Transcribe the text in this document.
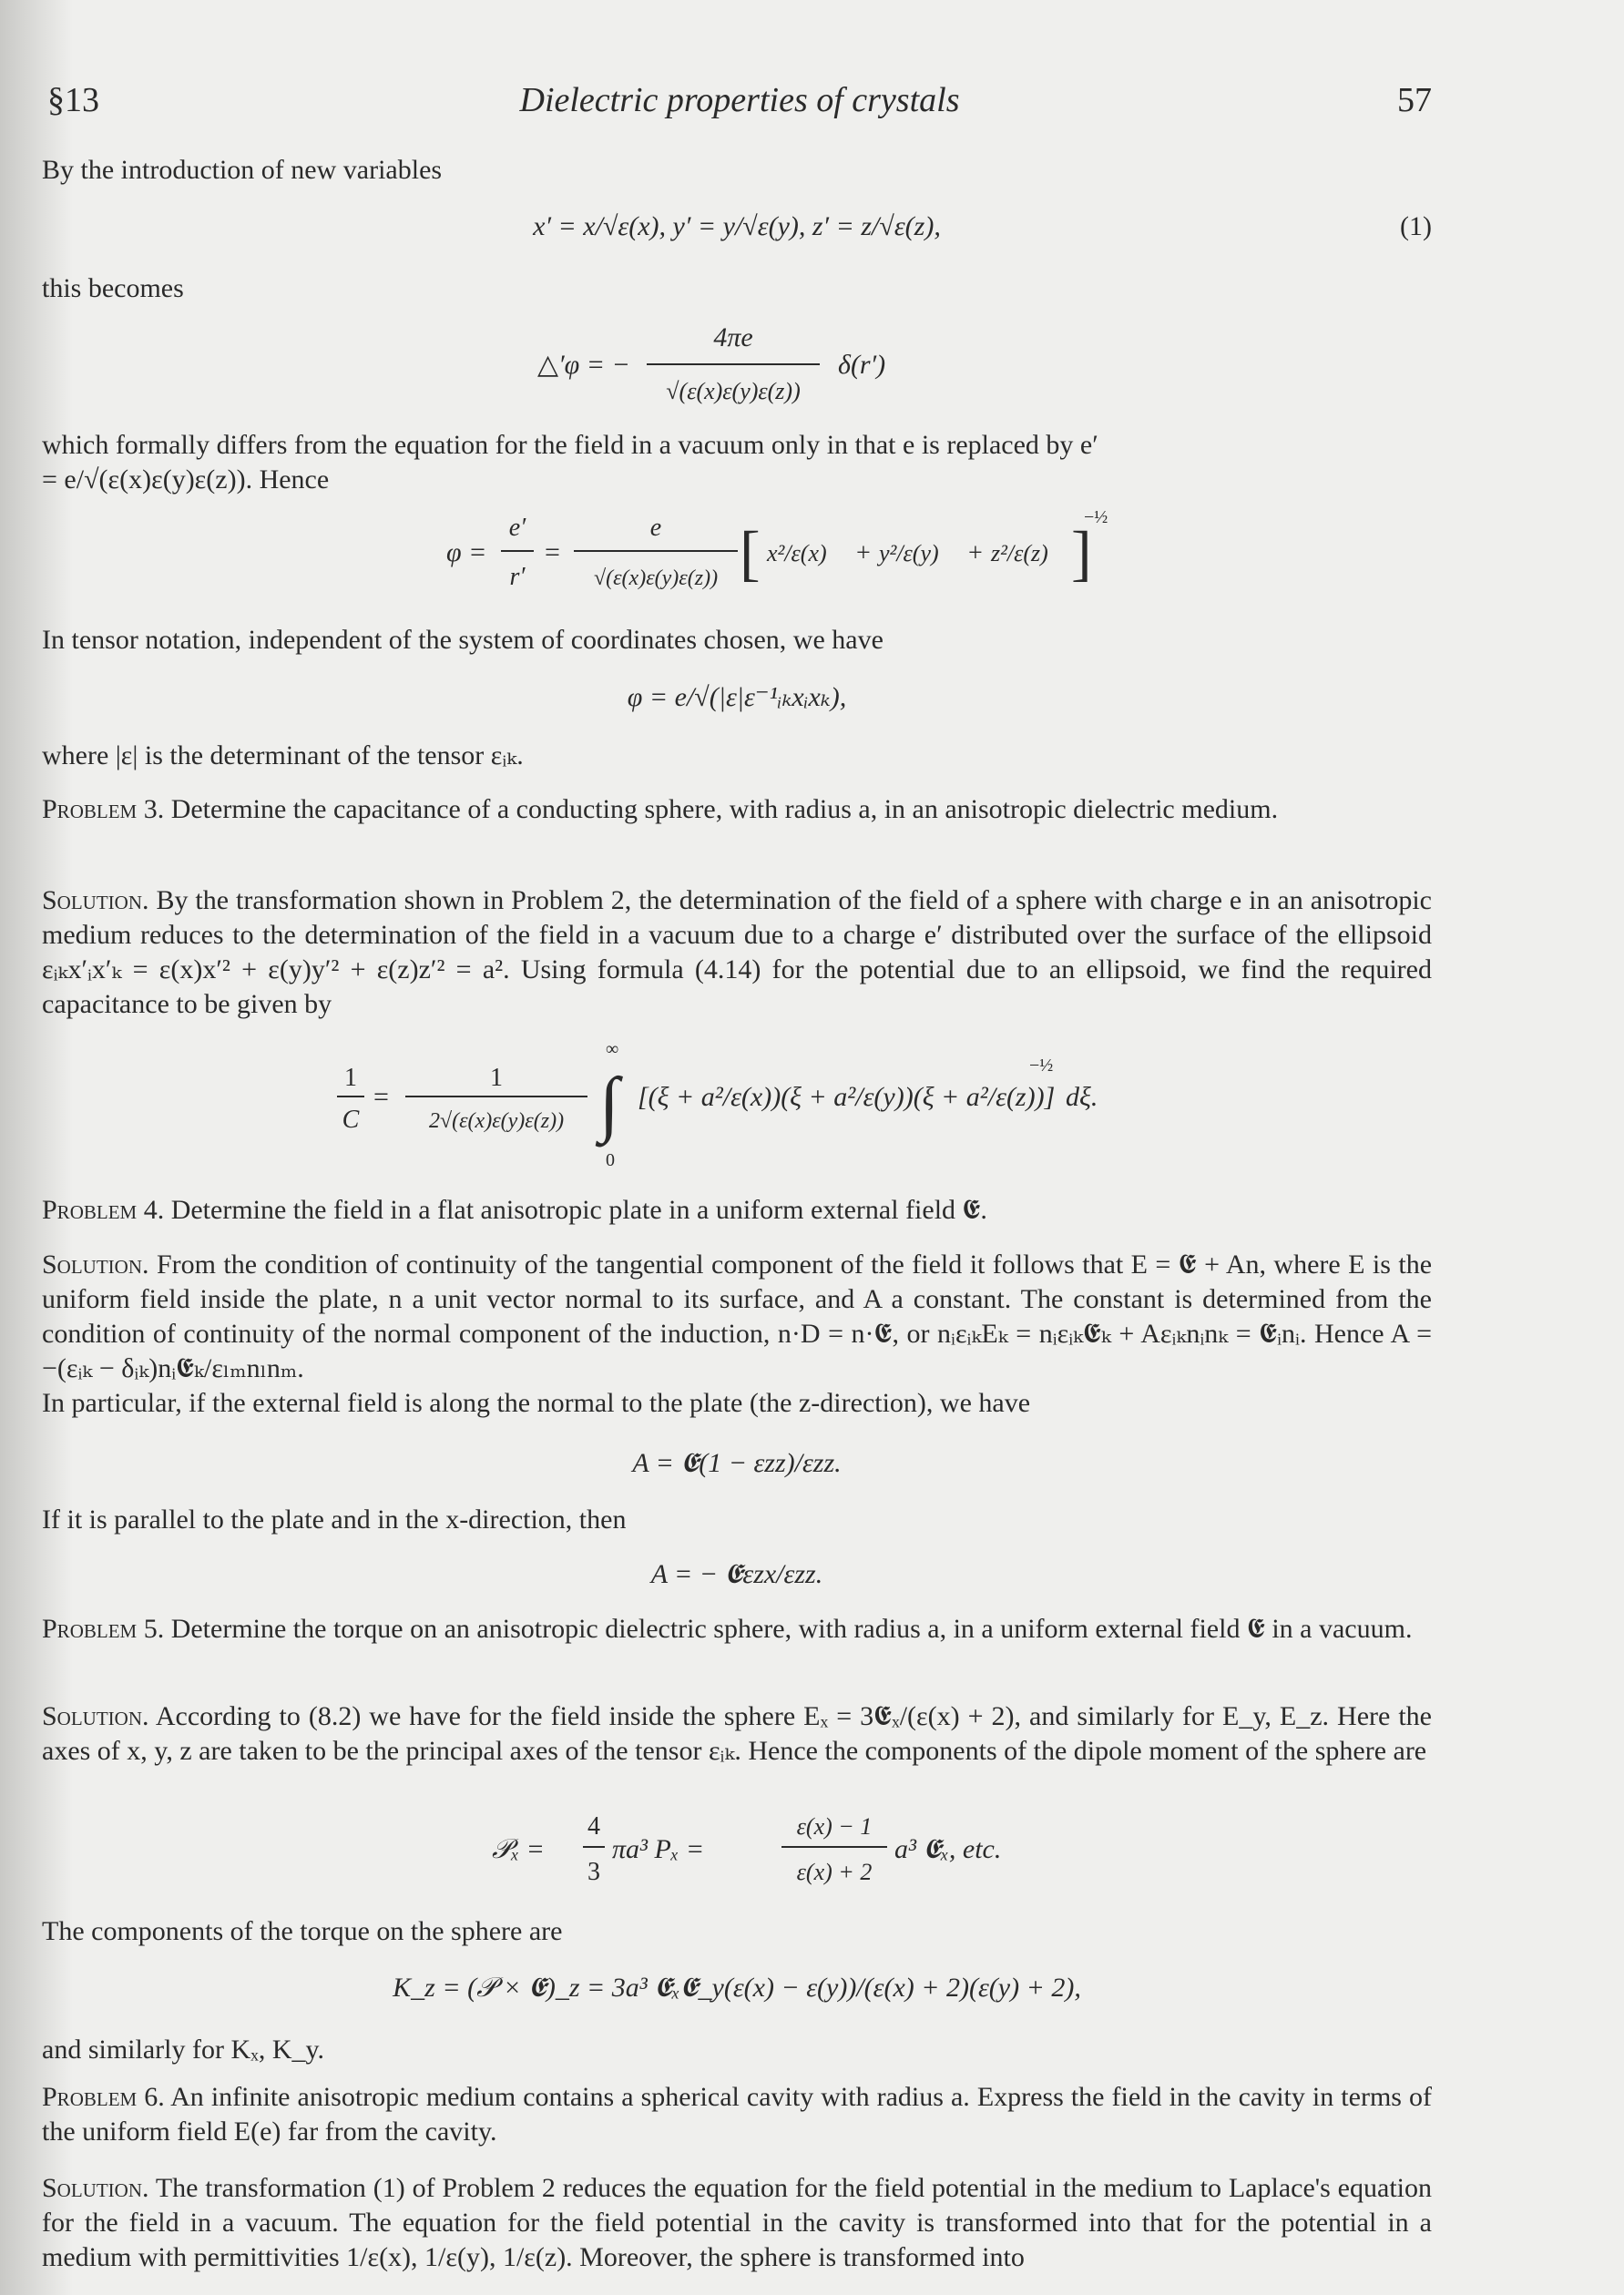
§13	Dielectric properties of crystals	57
By the introduction of new variables
x′ = x/√ε(x), y′ = y/√ε(y), z′ = z/√ε(z),	(1)
this becomes
△′φ = −
4πe
√(ε(x)ε(y)ε(z))
δ(r′)
which formally differs from the equation for the field in a vacuum only in that e is replaced by e′
= e/√(ε(x)ε(y)ε(z)). Hence
φ =
e′
r′
=
e
√(ε(x)ε(y)ε(z)) [ x²/ε(x) + y²/ε(y) + z²/ε(z) ]
−½
In tensor notation, independent of the system of coordinates chosen, we have
φ = e/√(|ε|ε⁻¹ᵢₖxᵢxₖ),
where |ε| is the determinant of the tensor εᵢₖ.
Problem 3. Determine the capacitance of a conducting sphere, with radius a, in an anisotropic dielectric medium.
Solution. By the transformation shown in Problem 2, the determination of the field of a sphere with charge e in an anisotropic medium reduces to the determination of the field in a vacuum due to a charge e′ distributed over the surface of the ellipsoid εᵢₖx′ᵢx′ₖ = ε(x)x′² + ε(y)y′² + ε(z)z′² = a². Using formula (4.14) for the potential due to an ellipsoid, we find the required capacitance to be given by
1
C
=
1
2√(ε(x)ε(y)ε(z))
∞
∫
0
[(ξ + a²/ε(x))(ξ + a²/ε(y))(ξ + a²/ε(z))]
−½
dξ.
Problem 4. Determine the field in a flat anisotropic plate in a uniform external field 𝕰.
Solution. From the condition of continuity of the tangential component of the field it follows that E = 𝕰 + An, where E is the uniform field inside the plate, n a unit vector normal to its surface, and A a constant. The constant is determined from the condition of continuity of the normal component of the induction, n·D = n·𝕰, or nᵢεᵢₖEₖ = nᵢεᵢₖ𝕰ₖ + Aεᵢₖnᵢnₖ = 𝕰ᵢnᵢ. Hence A = −(εᵢₖ − δᵢₖ)nᵢ𝕰ₖ/εₗₘnₗnₘ.
In particular, if the external field is along the normal to the plate (the z-direction), we have
A = 𝕰(1 − εzz)/εzz.
If it is parallel to the plate and in the x-direction, then
A = − 𝕰εzx/εzz.
Problem 5. Determine the torque on an anisotropic dielectric sphere, with radius a, in a uniform external field 𝕰 in a vacuum.
Solution. According to (8.2) we have for the field inside the sphere Eₓ = 3𝕰ₓ/(ε(x) + 2), and similarly for E_y, E_z. Here the axes of x, y, z are taken to be the principal axes of the tensor εᵢₖ. Hence the components of the dipole moment of the sphere are
𝒫ₓ =
4
3
πa³ Pₓ =
ε(x) − 1
ε(x) + 2
a³ 𝕰ₓ, etc.
The components of the torque on the sphere are
K_z = (𝒫 × 𝕰)_z = 3a³ 𝕰ₓ𝕰_y(ε(x) − ε(y))/(ε(x) + 2)(ε(y) + 2),
and similarly for Kₓ, K_y.
Problem 6. An infinite anisotropic medium contains a spherical cavity with radius a. Express the field in the cavity in terms of the uniform field E(e) far from the cavity.
Solution. The transformation (1) of Problem 2 reduces the equation for the field potential in the medium to Laplace's equation for the field in a vacuum. The equation for the field potential in the cavity is transformed into that for the potential in a medium with permittivities 1/ε(x), 1/ε(y), 1/ε(z). Moreover, the sphere is transformed into
